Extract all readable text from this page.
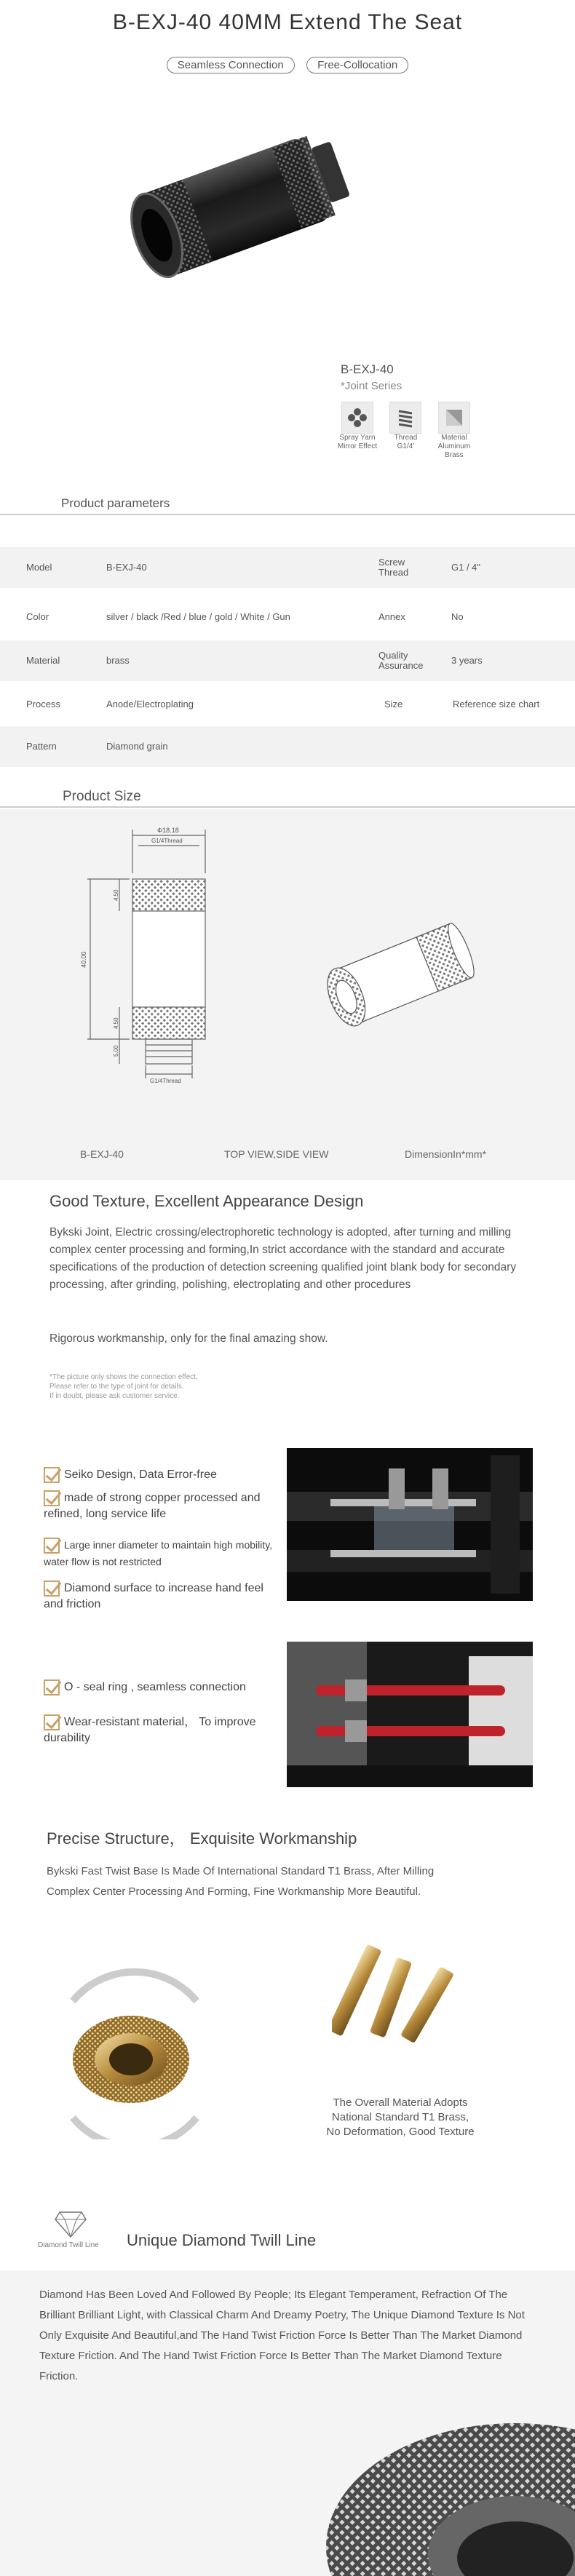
B-EXJ-40 40MM Extend The Seat
Seamless Connection	Free-Collocation
B-EXJ-40
*Joint Series
Spray Yarn Mirror Effect

Thread G1/4'

Material Aluminum Brass
Product parameters
Model	B-EXJ-40	Screw Thread	G1 / 4"
Color	silver / black /Red / blue / gold / White / Gun	Annex	No
Material	brass	Quality Assurance	3 years
Process	Anode/Electroplating	Size	Reference size chart
Pattern	Diamond grain
Product Size
Φ18.18
G1/4Thread
40.00
4.50
4.50
5.00
G1/4Thread
B-EXJ-40	TOP VIEW,SIDE VIEW	DimensionIn*mm*
Good Texture, Excellent Appearance Design
Bykski Joint, Electric crossing/electrophoretic technology is adopted, after turning and milling complex center processing and forming,In strict accordance with the standard and accurate specifications of the production of detection screening qualified joint blank body for secondary processing, after grinding, polishing, electroplating and other procedures
Rigorous workmanship, only for the final amazing show.
*The picture only shows the connection effect,
Please refer to the type of joint for details.
If in doubt, please ask customer service.
Seiko Design, Data Error-free
made of strong copper processed and refined, long service life
Large inner diameter to maintain high mobility, water flow is not restricted
Diamond surface to increase hand feel and friction
O - seal ring , seamless connection
Wear-resistant material， To improve durability
Precise Structure， Exquisite Workmanship
Bykski Fast Twist Base Is Made Of International Standard T1 Brass, After Milling Complex Center Processing And Forming, Fine Workmanship More Beautiful.
The Overall Material Adopts
National Standard T1 Brass,
No Deformation, Good Texture
Diamond Twill Line Unique Diamond Twill Line
Diamond Has Been Loved And Followed By People; Its Elegant Temperament, Refraction Of The Brilliant Brilliant Light, with Classical Charm And Dreamy Poetry, The Unique Diamond Texture Is Not Only Exquisite And Beautiful,and The Hand Twist Friction Force Is Better Than The Market Diamond Texture Friction. And The Hand Twist Friction Force Is Better Than The Market Diamond Texture Friction.
